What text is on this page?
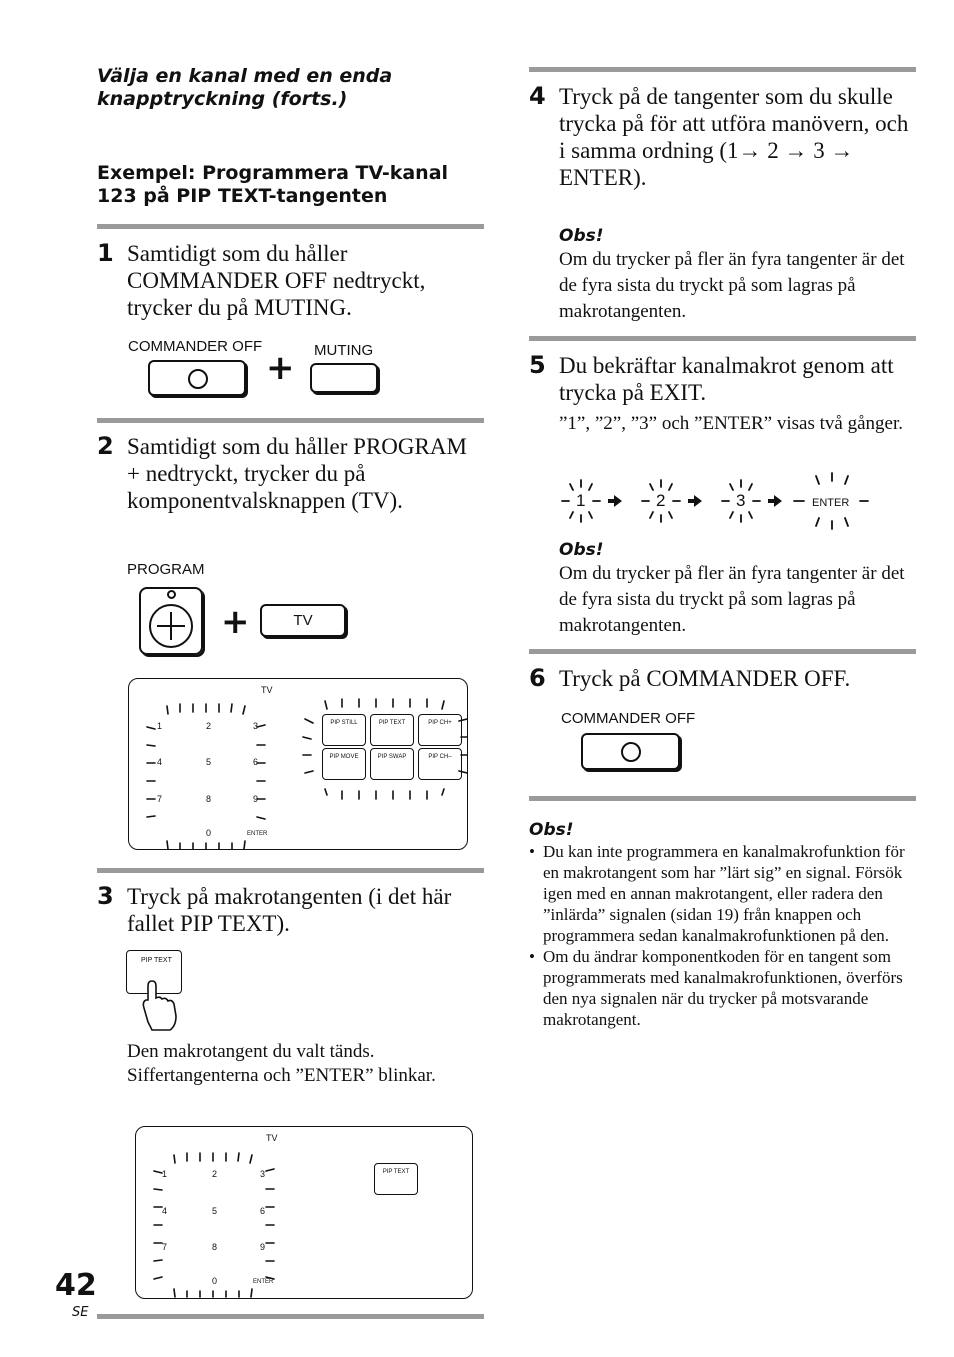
Välja en kanal med en enda knapptryckning (forts.)
Exempel: Programmera TV-kanal 123 på PIP TEXT-tangenten
1 Samtidigt som du håller COMMANDER OFF nedtryckt, trycker du på MUTING.
COMMANDER OFF
+ MUTING
2 Samtidigt som du håller PROGRAM + nedtryckt, trycker du på komponentvalsknappen (TV).
PROGRAM
+	TV
TV
1	2	3
4	5	6
7	8	9
0	ENTER
PIP STILL	PIP TEXT	PIP CH+
PIP MOVE	PIP SWAP	PIP CH–
3 Tryck på makrotangenten (i det här fallet PIP TEXT).
PIP TEXT
Den makrotangent du valt tänds. Siffertangenterna och ”ENTER” blinkar.
TV
1	2	3
4	5	6
7	8	9
0	ENTER
PIP TEXT
42
SE
4 Tryck på de tangenter som du skulle trycka på för att utföra manövern, och i samma ordning (1→ 2 → 3 → ENTER).
Obs!
Om du trycker på fler än fyra tangenter är det de fyra sista du tryckt på som lagras på makrotangenten.
5 Du bekräftar kanalmakrot genom att trycka på EXIT.
”1”, ”2”, ”3” och ”ENTER” visas två gånger.
1	2	3	ENTER
Obs!
Om du trycker på fler än fyra tangenter är det de fyra sista du tryckt på som lagras på makrotangenten.
6 Tryck på COMMANDER OFF.
COMMANDER OFF
Obs!
• Du kan inte programmera en kanalmakrofunktion för en makrotangent som har ”lärt sig” en signal. Försök igen med en annan makrotangent, eller radera den ”inlärda” signalen (sidan 19) från knappen och programmera sedan kanalmakrofunktionen på den.
• Om du ändrar komponentkoden för en tangent som programmerats med kanalmakrofunktionen, överförs den nya signalen när du trycker på motsvarande makrotangent.
